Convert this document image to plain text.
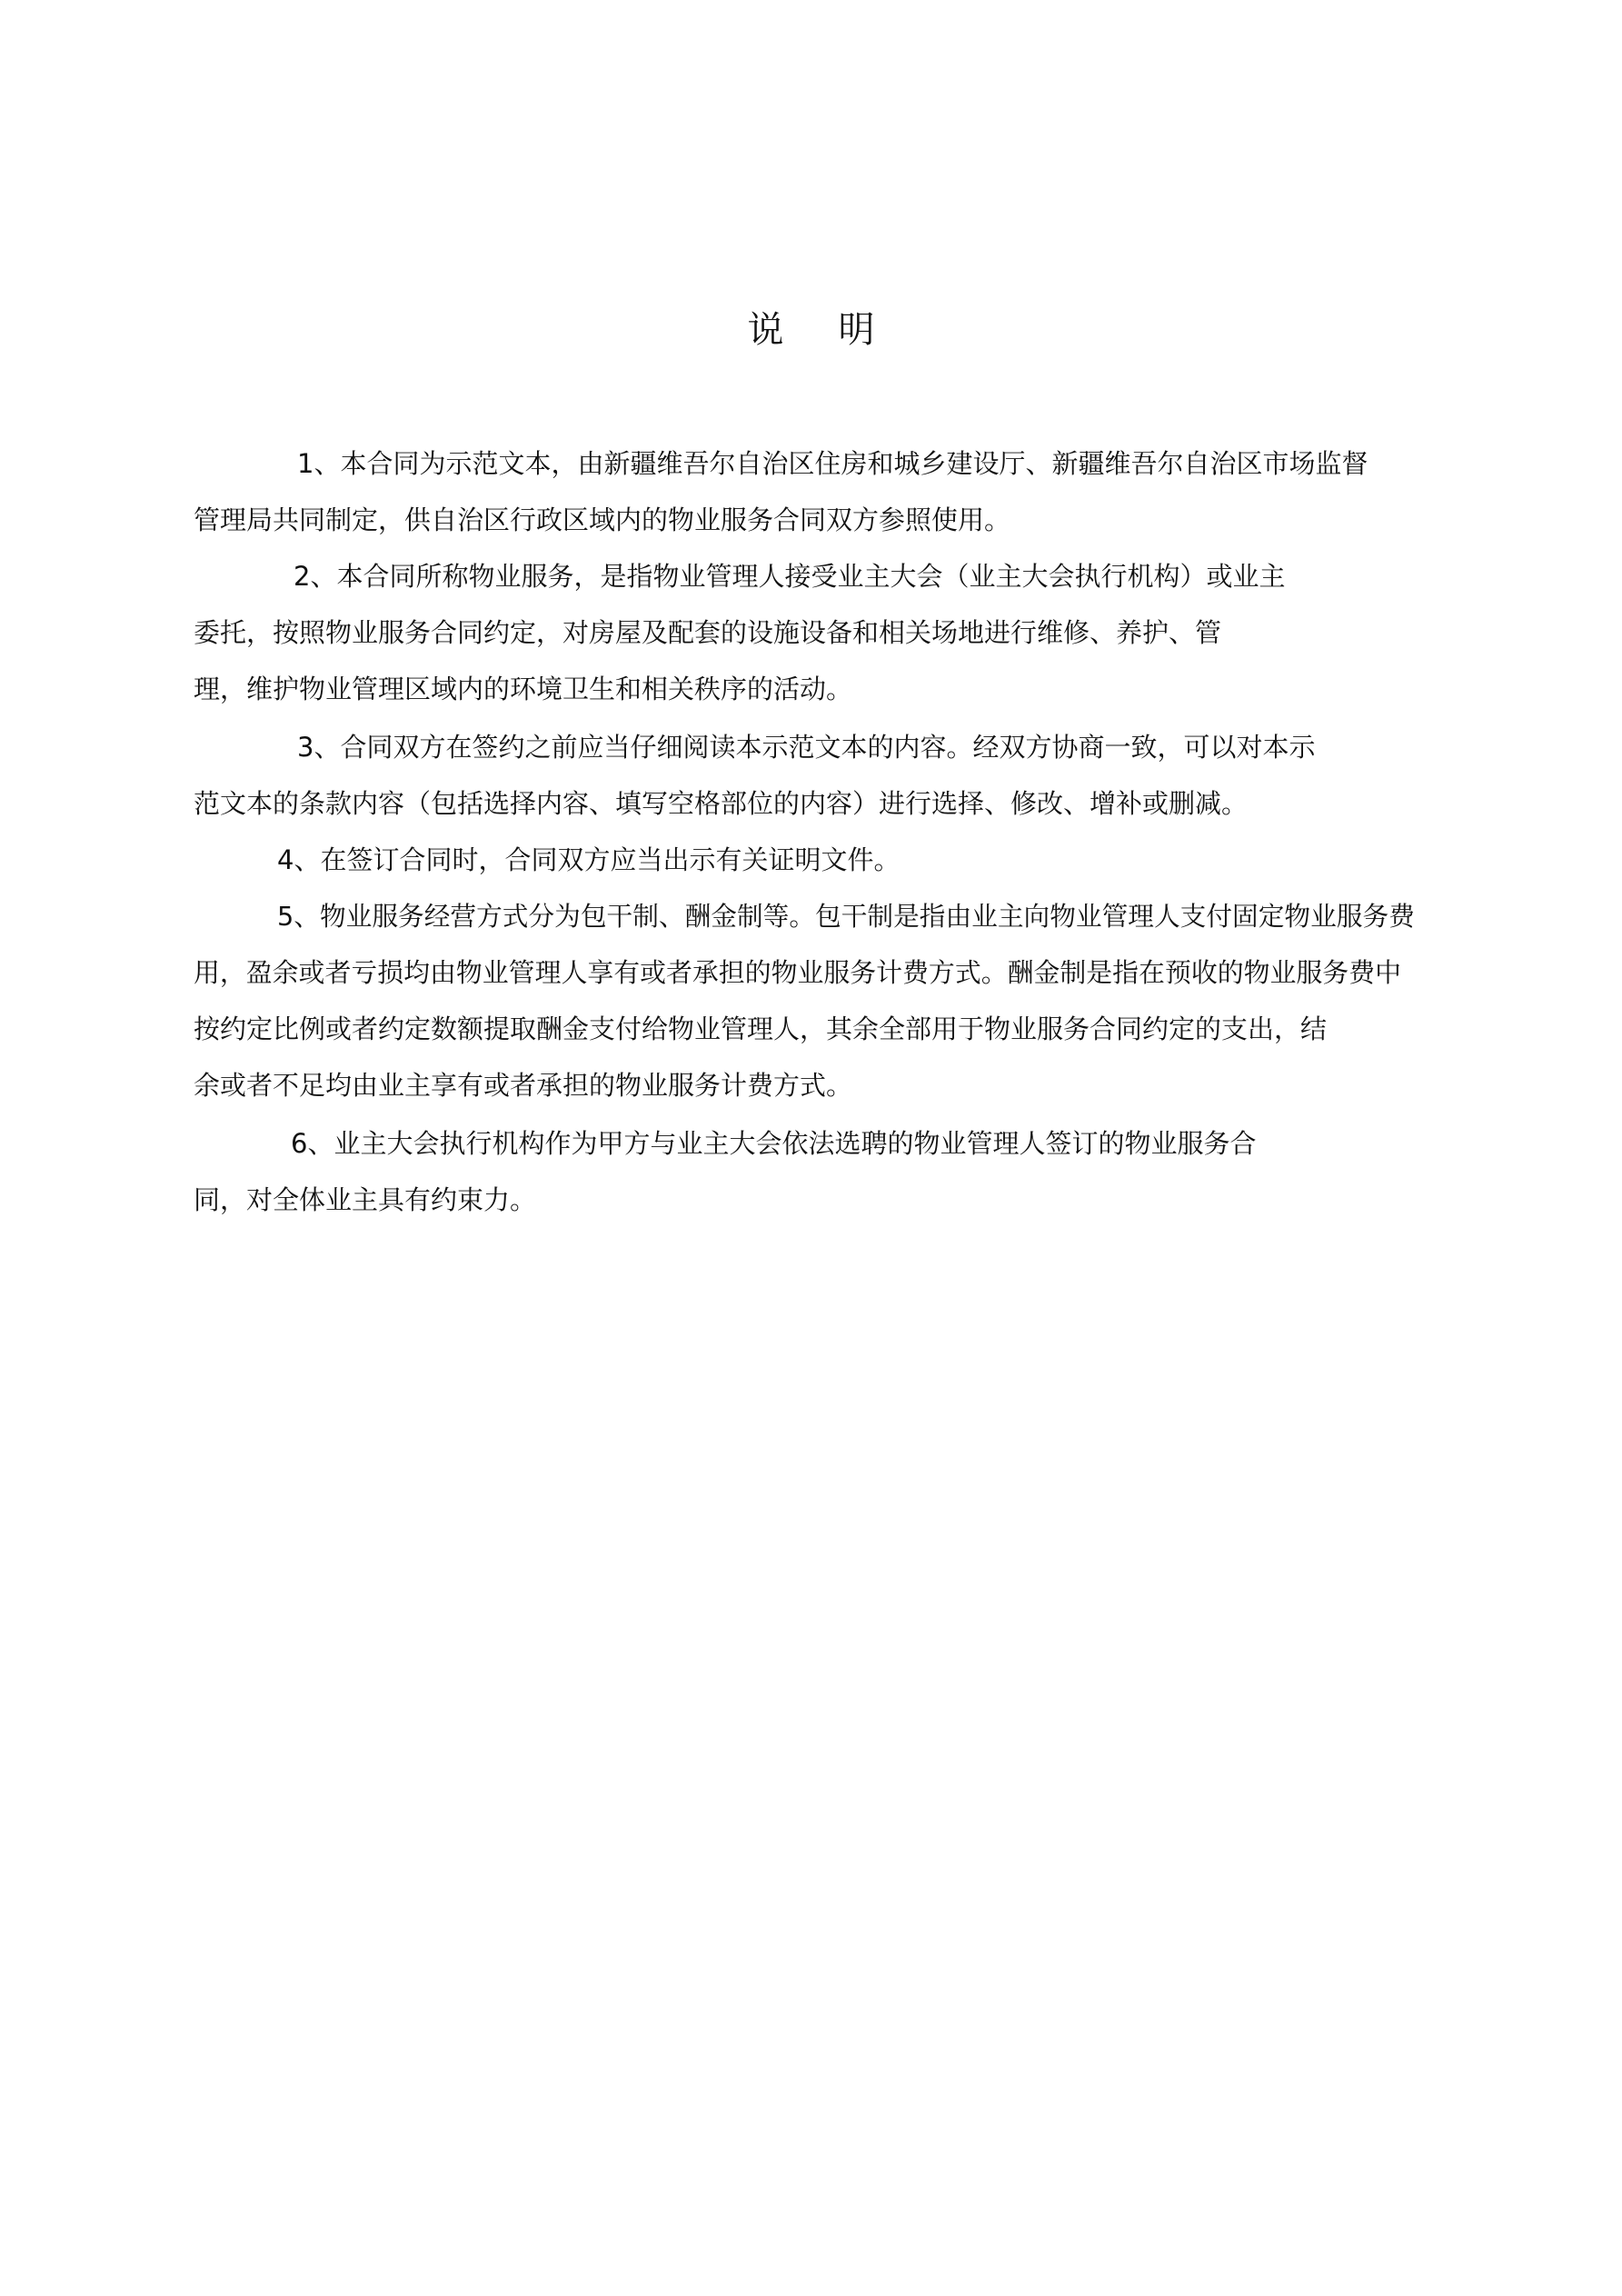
说明
1、本合同为示范文本，由新疆维吾尔自治区住房和城乡建设厅、新疆维吾尔自治区市场监督
管理局共同制定，供自治区行政区域内的物业服务合同双方参照使用。
2、本合同所称物业服务，是指物业管理人接受业主大会（业主大会执行机构）或业主
委托，按照物业服务合同约定，对房屋及配套的设施设备和相关场地进行维修、养护、管
理，维护物业管理区域内的环境卫生和相关秩序的活动。
3、合同双方在签约之前应当仔细阅读本示范文本的内容。经双方协商一致，可以对本示
范文本的条款内容（包括选择内容、填写空格部位的内容）进行选择、修改、增补或删减。
4、在签订合同时，合同双方应当出示有关证明文件。
5、物业服务经营方式分为包干制、酬金制等。包干制是指由业主向物业管理人支付固定物业服务费
用，盈余或者亏损均由物业管理人享有或者承担的物业服务计费方式。酬金制是指在预收的物业服务费中
按约定比例或者约定数额提取酬金支付给物业管理人，其余全部用于物业服务合同约定的支出，结
余或者不足均由业主享有或者承担的物业服务计费方式。
6、业主大会执行机构作为甲方与业主大会依法选聘的物业管理人签订的物业服务合
同，对全体业主具有约束力。
